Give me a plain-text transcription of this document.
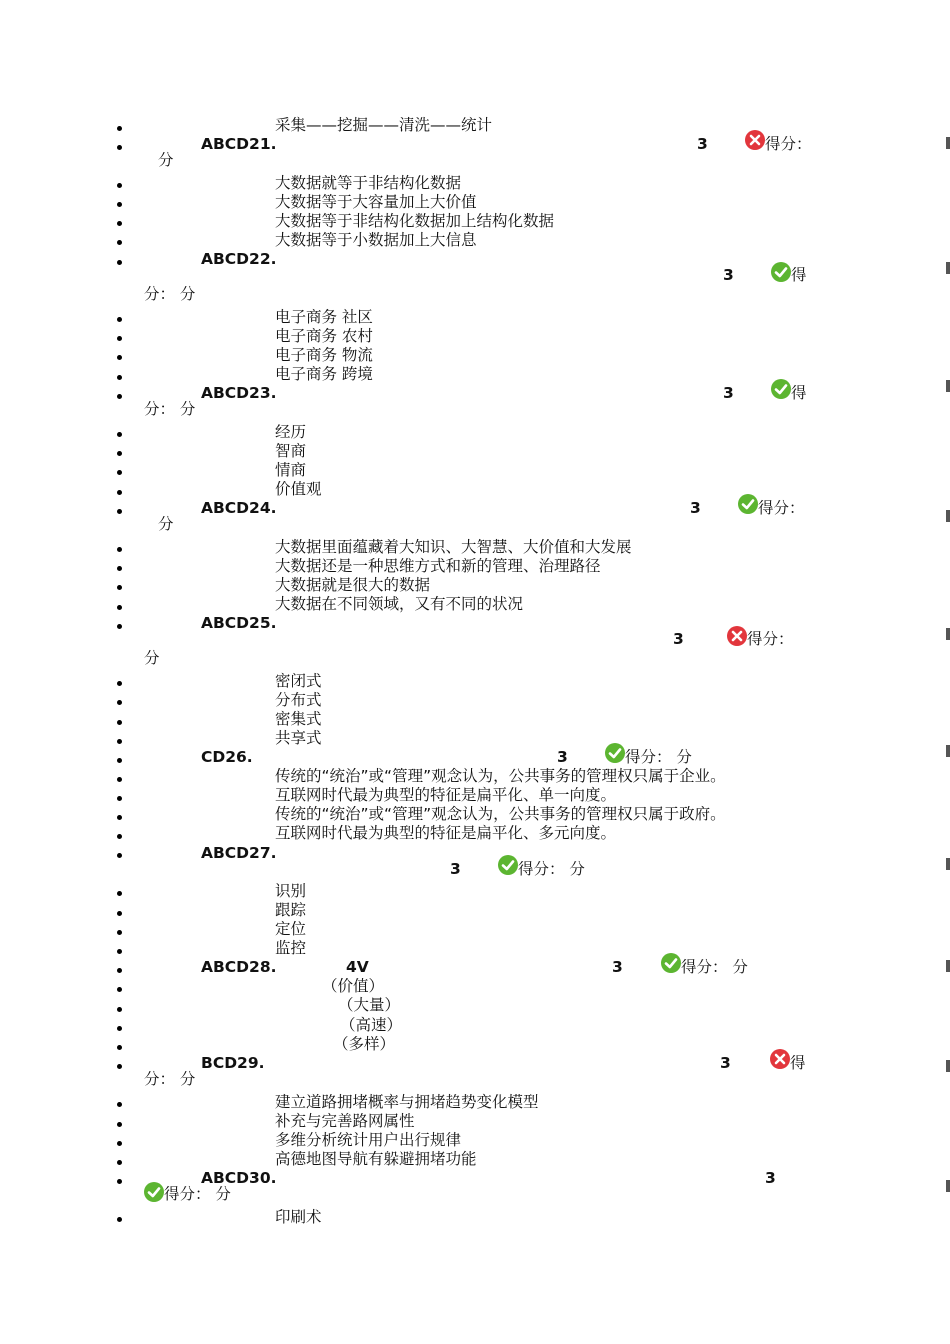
采集——挖掘——清洗——统计
ABCD21.	3	得分：
分
大数据就等于非结构化数据
大数据等于大容量加上大价值
大数据等于非结构化数据加上结构化数据
大数据等于小数据加上大信息
ABCD22.
3	得
分： 分
电子商务 社区
电子商务 农村
电子商务 物流
电子商务 跨境
ABCD23.	3	得
分： 分
经历
智商
情商
价值观
ABCD24.	3	得分：
分
大数据里面蕴藏着大知识、大智慧、大价值和大发展
大数据还是一种思维方式和新的管理、治理路径
大数据就是很大的数据
大数据在不同领域，又有不同的状况
ABCD25.
3	得分：
分
密闭式
分布式
密集式
共享式
CD26.	3	得分： 分
传统的“统治”或“管理”观念认为，公共事务的管理权只属于企业。
互联网时代最为典型的特征是扁平化、单一向度。
传统的“统治”或“管理”观念认为，公共事务的管理权只属于政府。
互联网时代最为典型的特征是扁平化、多元向度。
ABCD27.
3	得分： 分
识别
跟踪
定位
监控
ABCD28.	4V	3	得分： 分
（价值）
（大量）
（高速）
（多样）
BCD29.	3	得
分： 分
建立道路拥堵概率与拥堵趋势变化模型
补充与完善路网属性
多维分析统计用户出行规律
高德地图导航有躲避拥堵功能
ABCD30.	3
得分： 分
印刷术
